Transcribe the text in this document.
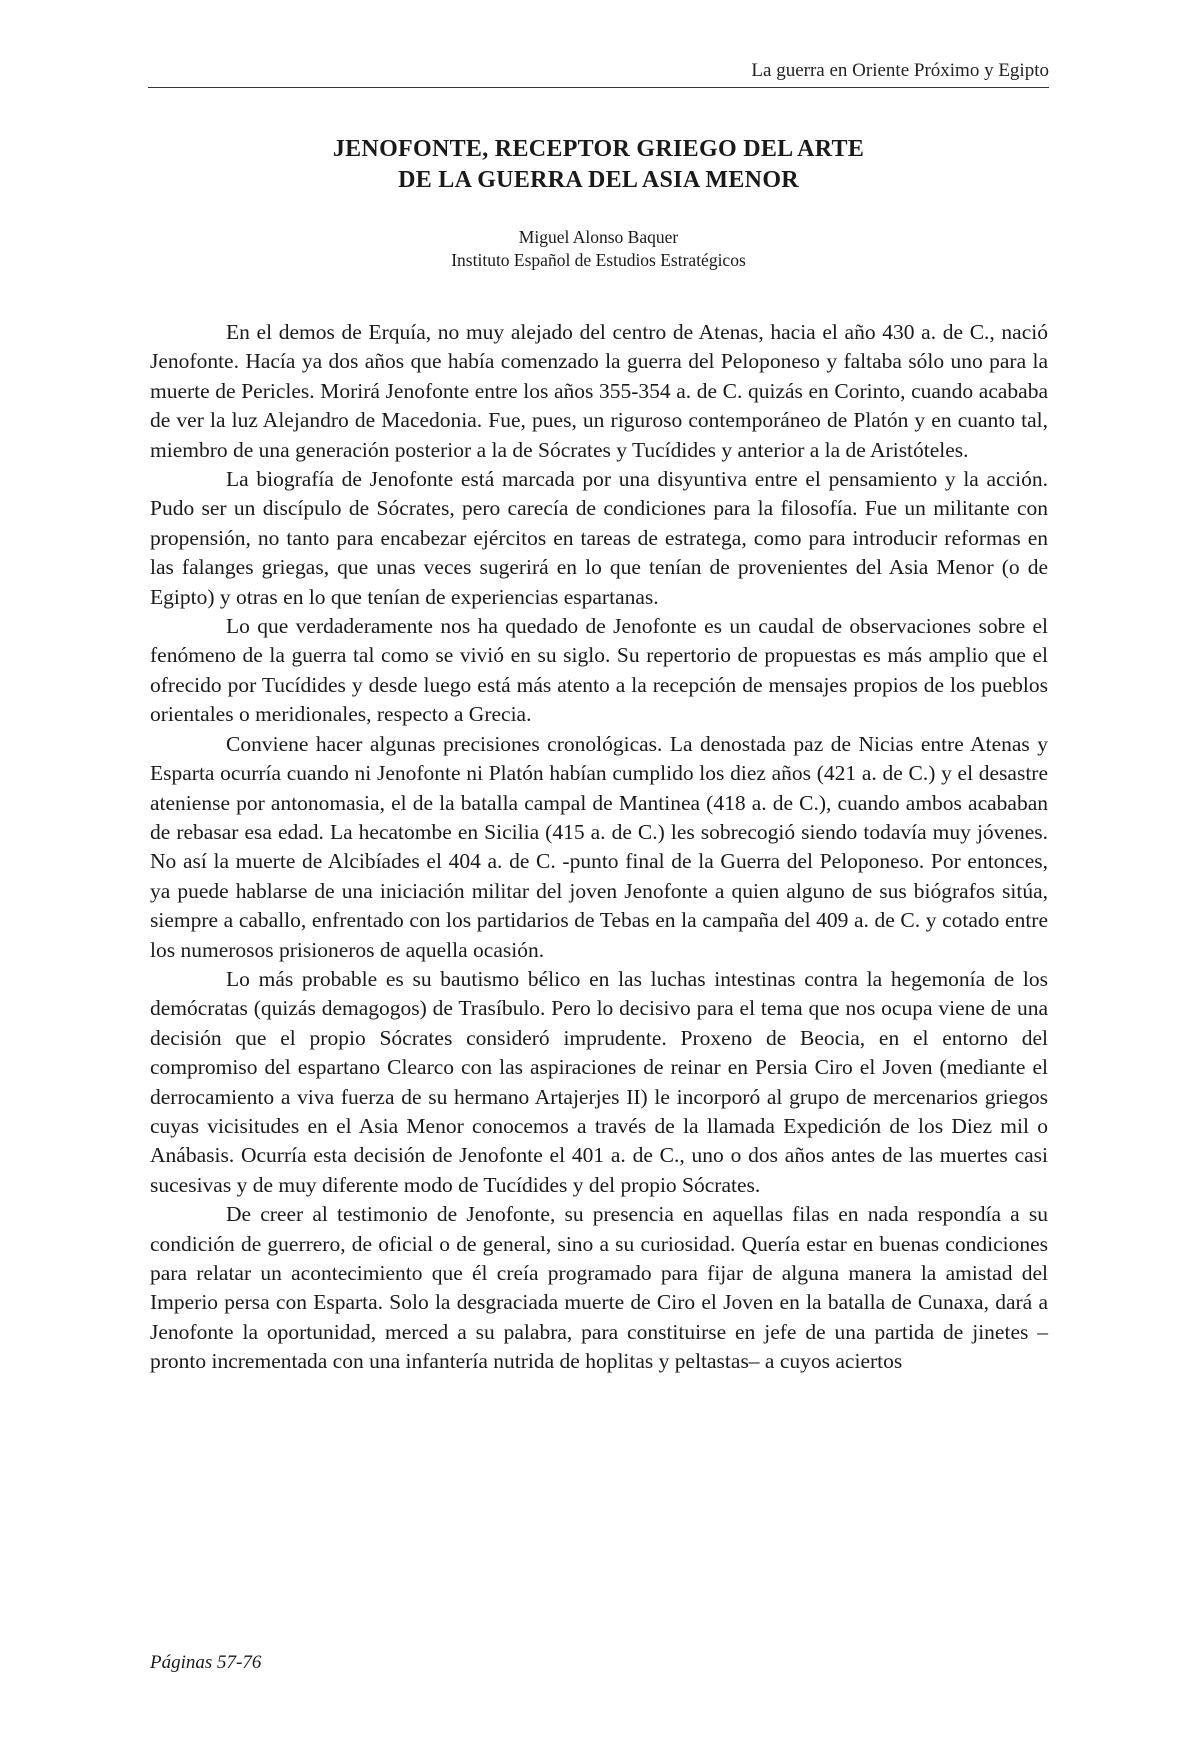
La guerra en Oriente Próximo y Egipto
JENOFONTE, RECEPTOR GRIEGO DEL ARTE
DE LA GUERRA DEL ASIA MENOR
Miguel Alonso Baquer
Instituto Español de Estudios Estratégicos

En el demos de Erquía, no muy alejado del centro de Atenas, hacia el año 430 a. de C., nació Jenofonte. Hacía ya dos años que había comenzado la guerra del Peloponeso y faltaba sólo uno para la muerte de Pericles. Morirá Jenofonte entre los años 355-354 a. de C. quizás en Corinto, cuando acababa de ver la luz Alejandro de Macedonia. Fue, pues, un riguroso contemporáneo de Platón y en cuanto tal, miembro de una generación posterior a la de Sócrates y Tucídides y anterior a la de Aristóteles.

La biografía de Jenofonte está marcada por una disyuntiva entre el pensamiento y la acción. Pudo ser un discípulo de Sócrates, pero carecía de condiciones para la filosofía. Fue un militante con propensión, no tanto para encabezar ejércitos en tareas de estratega, como para introducir reformas en las falanges griegas, que unas veces sugerirá en lo que tenían de provenientes del Asia Menor (o de Egipto) y otras en lo que tenían de experiencias espartanas.

Lo que verdaderamente nos ha quedado de Jenofonte es un caudal de observaciones sobre el fenómeno de la guerra tal como se vivió en su siglo. Su repertorio de propuestas es más amplio que el ofrecido por Tucídides y desde luego está más atento a la recepción de mensajes propios de los pueblos orientales o meridionales, respecto a Grecia.

Conviene hacer algunas precisiones cronológicas. La denostada paz de Nicias entre Atenas y Esparta ocurría cuando ni Jenofonte ni Platón habían cumplido los diez años (421 a. de C.) y el desastre ateniense por antonomasia, el de la batalla campal de Mantinea (418 a. de C.), cuando ambos acababan de rebasar esa edad. La hecatombe en Sicilia (415 a. de C.) les sobrecogió siendo todavía muy jóvenes. No así la muerte de Alcibíades el 404 a. de C. -punto final de la Guerra del Peloponeso. Por entonces, ya puede hablarse de una iniciación militar del joven Jenofonte a quien alguno de sus biógrafos sitúa, siempre a caballo, enfrentado con los partidarios de Tebas en la campaña del 409 a. de C. y cotado entre los numerosos prisioneros de aquella ocasión.

Lo más probable es su bautismo bélico en las luchas intestinas contra la hegemonía de los demócratas (quizás demagogos) de Trasíbulo. Pero lo decisivo para el tema que nos ocupa viene de una decisión que el propio Sócrates consideró imprudente. Proxeno de Beocia, en el entorno del compromiso del espartano Clearco con las aspiraciones de reinar en Persia Ciro el Joven (mediante el derrocamiento a viva fuerza de su hermano Artajerjes II) le incorporó al grupo de mercenarios griegos cuyas vicisitudes en el Asia Menor conocemos a través de la llamada Expedición de los Diez mil o Anábasis. Ocurría esta decisión de Jenofonte el 401 a. de C., uno o dos años antes de las muertes casi sucesivas y de muy diferente modo de Tucídides y del propio Sócrates.

De creer al testimonio de Jenofonte, su presencia en aquellas filas en nada respondía a su condición de guerrero, de oficial o de general, sino a su curiosidad. Quería estar en buenas condiciones para relatar un acontecimiento que él creía programado para fijar de alguna manera la amistad del Imperio persa con Esparta. Solo la desgraciada muerte de Ciro el Joven en la batalla de Cunaxa, dará a Jenofonte la oportunidad, merced a su palabra, para constituirse en jefe de una partida de jinetes – pronto incrementada con una infantería nutrida de hoplitas y peltastas– a cuyos aciertos

Páginas 57-76
